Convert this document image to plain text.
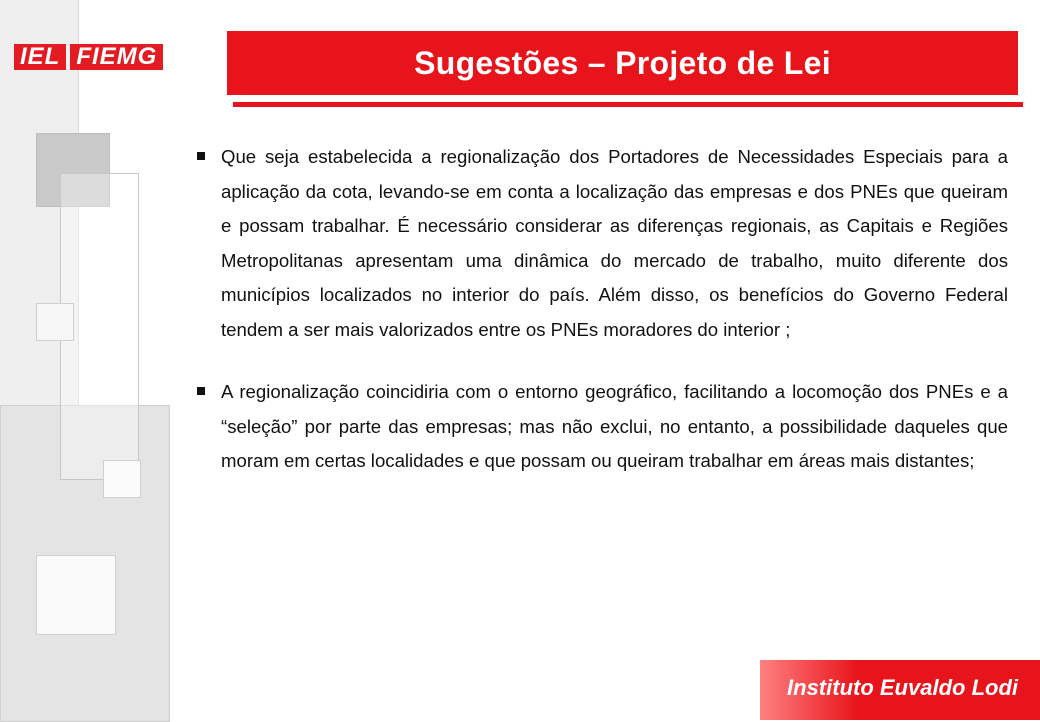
IEL FIEMG	Sugestões – Projeto de Lei

Que seja estabelecida a regionalização dos Portadores de Necessidades Especiais para a aplicação da cota, levando-se em conta a localização das empresas e dos PNEs que queiram e possam trabalhar. É necessário considerar as diferenças regionais, as Capitais e Regiões Metropolitanas apresentam uma dinâmica do mercado de trabalho, muito diferente dos municípios localizados no interior do país. Além disso, os benefícios do Governo Federal tendem a ser mais valorizados entre os PNEs moradores do interior ;

A regionalização coincidiria com o entorno geográfico, facilitando a locomoção dos PNEs e a “seleção” por parte das empresas; mas não exclui, no entanto, a possibilidade daqueles que moram em certas localidades e que possam ou queiram trabalhar em áreas mais distantes;

Instituto Euvaldo Lodi
